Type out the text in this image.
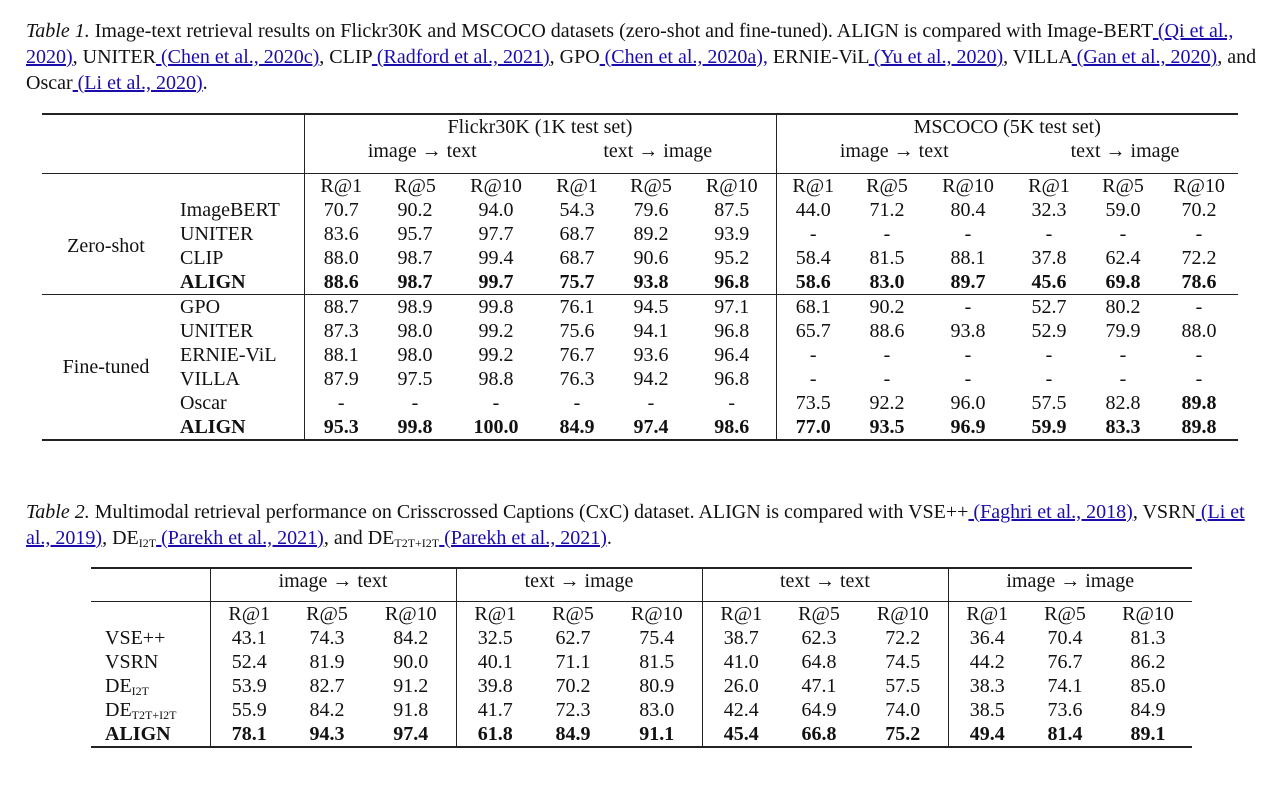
Table 1. Image-text retrieval results on Flickr30K and MSCOCO datasets (zero-shot and fine-tuned). ALIGN is compared with Image-BERT (Qi et al., 2020), UNITER (Chen et al., 2020c), CLIP (Radford et al., 2021), GPO (Chen et al., 2020a), ERNIE-ViL (Yu et al., 2020), VILLA (Gan et al., 2020), and Oscar (Li et al., 2020).
		Flickr30K (1K test set)						MSCOCO (5K test set)					
		image → text			text → image			image → text			text → image		

		R@1	R@5	R@10	R@1	R@5	R@10	R@1	R@5	R@10	R@1	R@5	R@10
Zero-shot	ImageBERT	70.7	90.2	94.0	54.3	79.6	87.5	44.0	71.2	80.4	32.3	59.0	70.2
	UNITER	83.6	95.7	97.7	68.7	89.2	93.9	-	-	-	-	-	-
	CLIP	88.0	98.7	99.4	68.7	90.6	95.2	58.4	81.5	88.1	37.8	62.4	72.2
	ALIGN	88.6	98.7	99.7	75.7	93.8	96.8	58.6	83.0	89.7	45.6	69.8	78.6
Fine-tuned	GPO	88.7	98.9	99.8	76.1	94.5	97.1	68.1	90.2	-	52.7	80.2	-
	UNITER	87.3	98.0	99.2	75.6	94.1	96.8	65.7	88.6	93.8	52.9	79.9	88.0
	ERNIE-ViL	88.1	98.0	99.2	76.7	93.6	96.4	-	-	-	-	-	-
	VILLA	87.9	97.5	98.8	76.3	94.2	96.8	-	-	-	-	-	-
	Oscar	-	-	-	-	-	-	73.5	92.2	96.0	57.5	82.8	89.8
	ALIGN	95.3	99.8	100.0	84.9	97.4	98.6	77.0	93.5	96.9	59.9	83.3	89.8
Table 2. Multimodal retrieval performance on Crisscrossed Captions (CxC) dataset. ALIGN is compared with VSE++ (Faghri et al., 2018), VSRN (Li et al., 2019), $DE_{I2T}$ (Parekh et al., 2021), and $DE_{T2T+I2T}$ (Parekh et al., 2021).
	image → text			text → image			text → text			image → image		

	R@1	R@5	R@10	R@1	R@5	R@10	R@1	R@5	R@10	R@1	R@5	R@10
VSE++	43.1	74.3	84.2	32.5	62.7	75.4	38.7	62.3	72.2	36.4	70.4	81.3
VSRN	52.4	81.9	90.0	40.1	71.1	81.5	41.0	64.8	74.5	44.2	76.7	86.2
$DE_{I2T}$	53.9	82.7	91.2	39.8	70.2	80.9	26.0	47.1	57.5	38.3	74.1	85.0
$DE_{T2T+I2T}$	55.9	84.2	91.8	41.7	72.3	83.0	42.4	64.9	74.0	38.5	73.6	84.9
ALIGN	78.1	94.3	97.4	61.8	84.9	91.1	45.4	66.8	75.2	49.4	81.4	89.1
